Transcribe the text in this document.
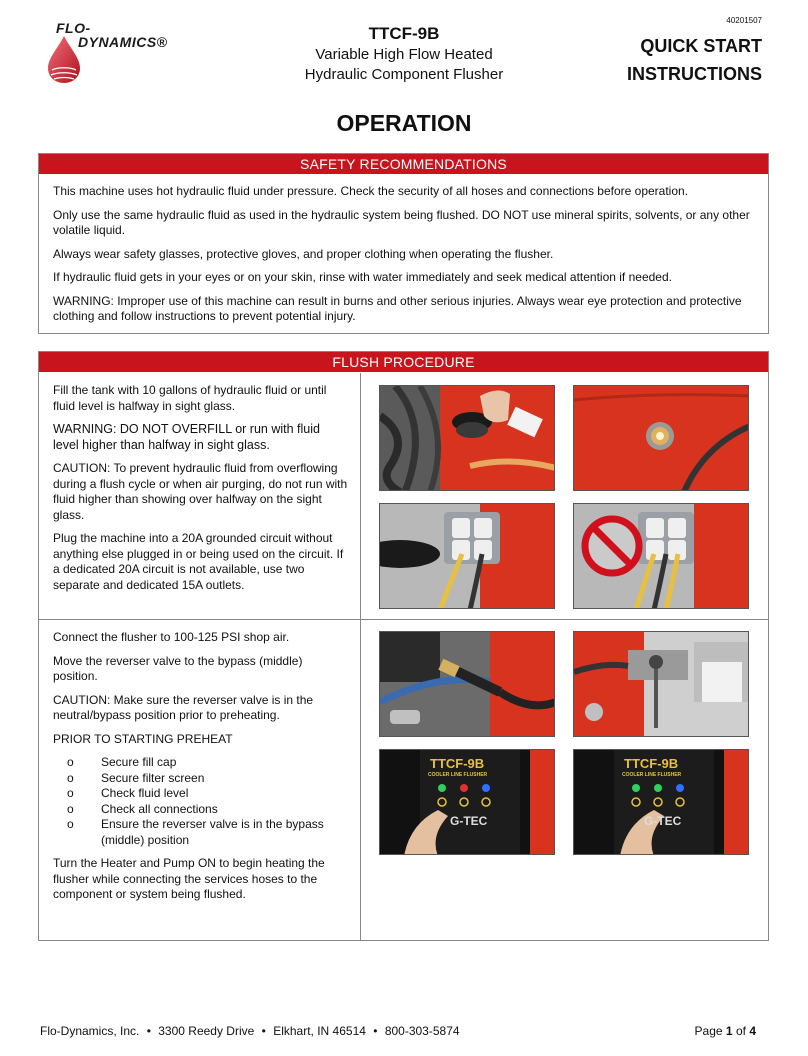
FLO-
DYNAMICS®	TTCF-9B
Variable High Flow Heated
Hydraulic Component Flusher
40201507
QUICK START
INSTRUCTIONS
OPERATION
SAFETY RECOMMENDATIONS

This machine uses hot hydraulic fluid under pressure. Check the security of all hoses and connections before operation.

Only use the same hydraulic fluid as used in the hydraulic system being flushed. DO NOT use mineral spirits, solvents, or any other volatile liquid.

Always wear safety glasses, protective gloves, and proper clothing when operating the flusher.

If hydraulic fluid gets in your eyes or on your skin, rinse with water immediately and seek medical attention if needed.

WARNING: Improper use of this machine can result in burns and other serious injuries. Always wear eye protection and protective clothing and follow instructions to prevent potential injury.

FLUSH PROCEDURE

Fill the tank with 10 gallons of hydraulic fluid or until fluid level is halfway in sight glass.

WARNING: DO NOT OVERFILL or run with fluid level higher than halfway in sight glass.

CAUTION: To prevent hydraulic fluid from overflowing during a flush cycle or when air purging, do not run with fluid higher than showing over halfway on the sight glass.

Plug the machine into a 20A grounded circuit without anything else plugged in or being used on the circuit. If a dedicated 20A circuit is not available, use two separate and dedicated 15A outlets.

Connect the flusher to 100-125 PSI shop air.

Move the reverser valve to the bypass (middle) position.

CAUTION: Make sure the reverser valve is in the neutral/bypass position prior to preheating.

PRIOR TO STARTING PREHEAT

o Secure fill cap
o Secure filter screen
o Check fluid level
o Check all connections
o Ensure the reverser valve is in the bypass (middle) position

Turn the Heater and Pump ON to begin heating the flusher while connecting the services hoses to the component or system being flushed.

TTCF-9B
COOLER LINE FLUSHER
G-TEC
TTCF-9B
COOLER LINE FLUSHER
G-TEC
Flo-Dynamics, Inc. • 3300 Reedy Drive • Elkhart, IN 46514 • 800-303-5874	Page 1 of 4
